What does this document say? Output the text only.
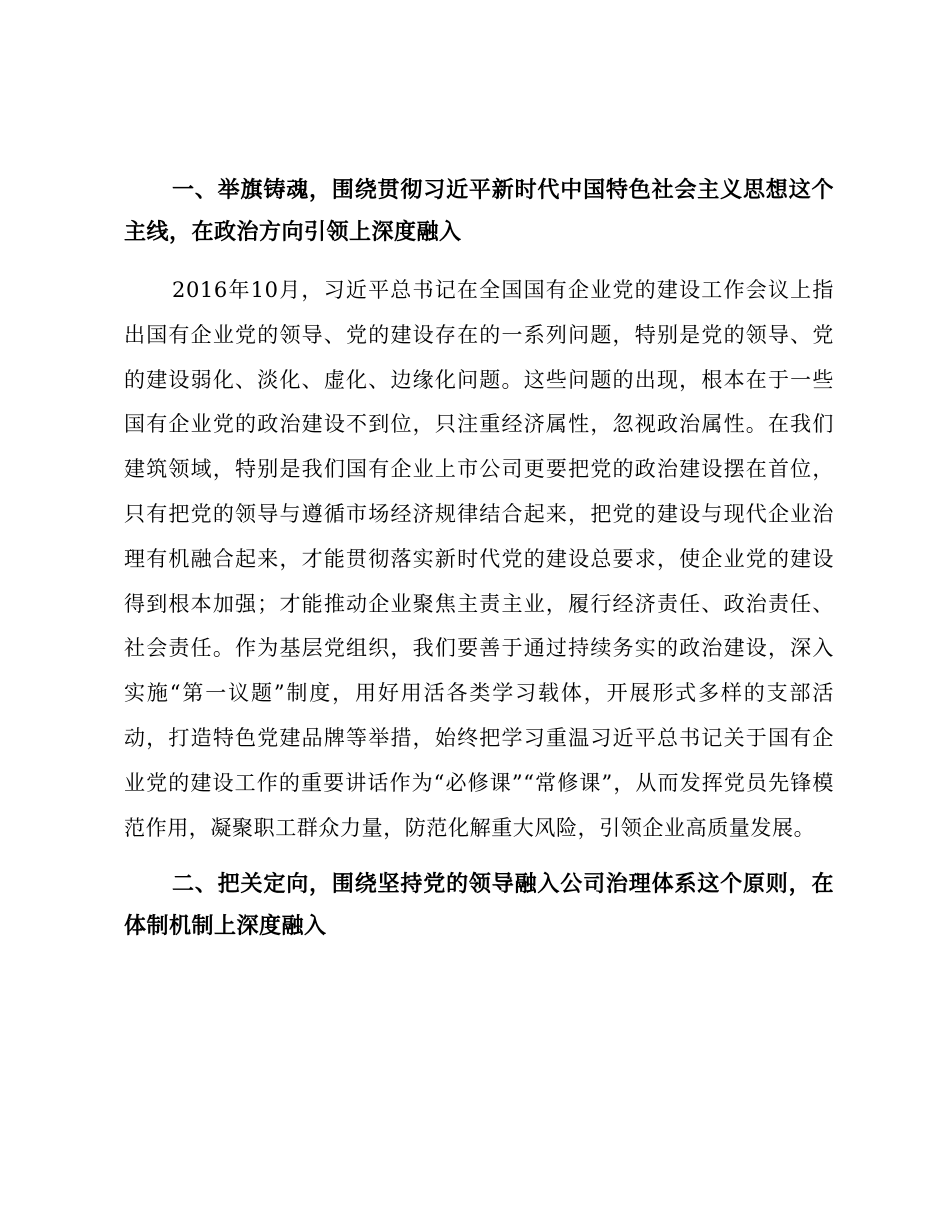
一、举旗铸魂，围绕贯彻习近平新时代中国特色社会主义思想这个主线，在政治方向引领上深度融入

2016年10月，习近平总书记在全国国有企业党的建设工作会议上指出国有企业党的领导、党的建设存在的一系列问题，特别是党的领导、党的建设弱化、淡化、虚化、边缘化问题。这些问题的出现，根本在于一些国有企业党的政治建设不到位，只注重经济属性，忽视政治属性。在我们建筑领域，特别是我们国有企业上市公司更要把党的政治建设摆在首位，只有把党的领导与遵循市场经济规律结合起来，把党的建设与现代企业治理有机融合起来，才能贯彻落实新时代党的建设总要求，使企业党的建设得到根本加强；才能推动企业聚焦主责主业，履行经济责任、政治责任、社会责任。作为基层党组织，我们要善于通过持续务实的政治建设，深入实施“第一议题”制度，用好用活各类学习载体，开展形式多样的支部活动，打造特色党建品牌等举措，始终把学习重温习近平总书记关于国有企业党的建设工作的重要讲话作为“必修课”“常修课”，从而发挥党员先锋模范作用，凝聚职工群众力量，防范化解重大风险，引领企业高质量发展。

二、把关定向，围绕坚持党的领导融入公司治理体系这个原则，在体制机制上深度融入
